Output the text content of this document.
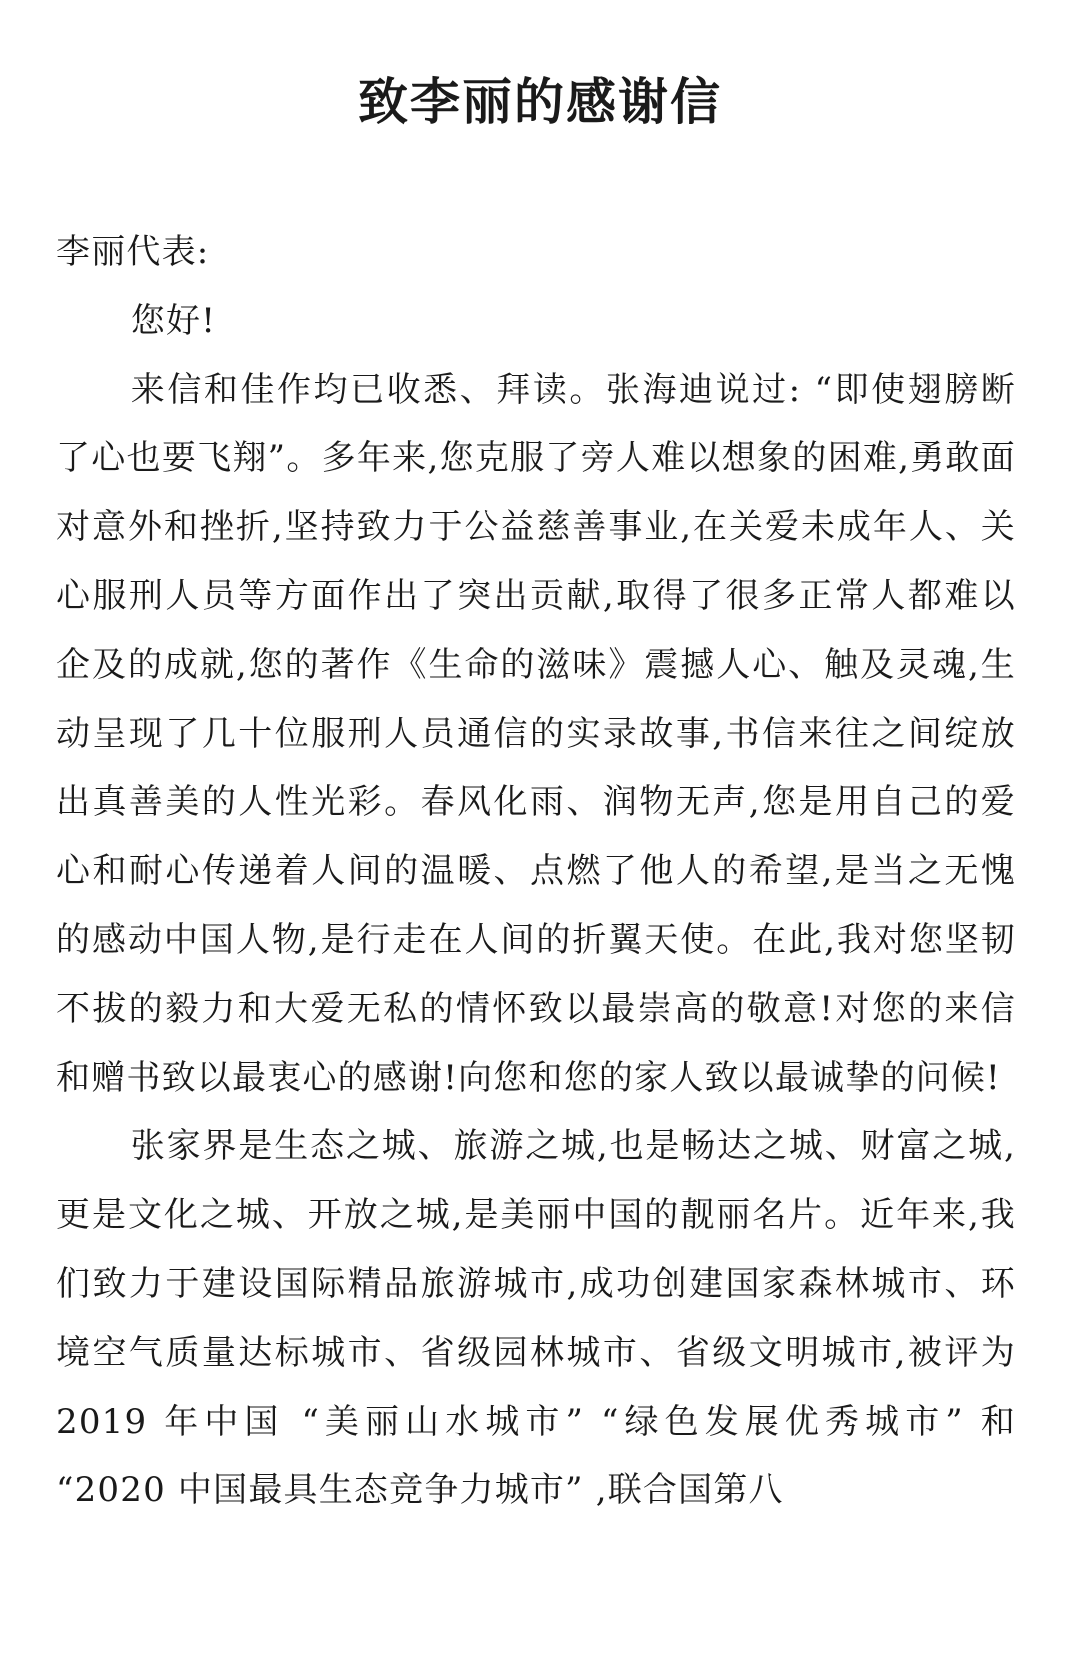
致李丽的感谢信

李丽代表:

您好!

来信和佳作均已收悉、拜读。张海迪说过: “即使翅膀断了心也要飞翔”。多年来,您克服了旁人难以想象的困难,勇敢面对意外和挫折,坚持致力于公益慈善事业,在关爱未成年人、关心服刑人员等方面作出了突出贡献,取得了很多正常人都难以企及的成就,您的著作《生命的滋味》震撼人心、触及灵魂,生动呈现了几十位服刑人员通信的实录故事,书信来往之间绽放出真善美的人性光彩。春风化雨、润物无声,您是用自己的爱心和耐心传递着人间的温暖、点燃了他人的希望,是当之无愧的感动中国人物,是行走在人间的折翼天使。在此,我对您坚韧不拔的毅力和大爱无私的情怀致以最崇高的敬意!对您的来信和赠书致以最衷心的感谢!向您和您的家人致以最诚挚的问候!

张家界是生态之城、旅游之城,也是畅达之城、财富之城,更是文化之城、开放之城,是美丽中国的靓丽名片。近年来,我们致力于建设国际精品旅游城市,成功创建国家森林城市、环境空气质量达标城市、省级园林城市、省级文明城市,被评为 2019 年中国 “美丽山水城市” “绿色发展优秀城市” 和 “2020 中国最具生态竞争力城市” ,联合国第八
